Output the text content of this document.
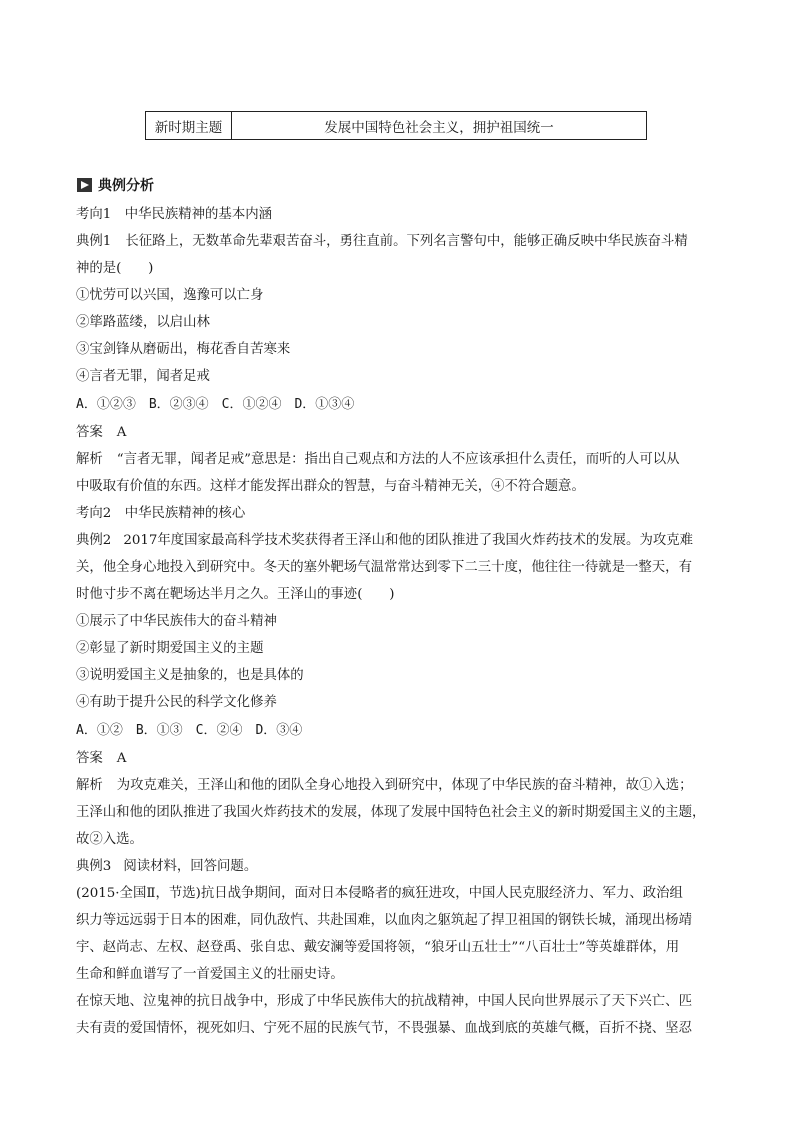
新时期主题	发展中国特色社会主义，拥护祖国统一
典例分析
考向1　中华民族精神的基本内涵
典例1 长征路上，无数革命先辈艰苦奋斗，勇往直前。下列名言警句中，能够正确反映中华民族奋斗精
神的是(　　)
①忧劳可以兴国，逸豫可以亡身
②筚路蓝缕，以启山林
③宝剑锋从磨砺出，梅花香自苦寒来
④言者无罪，闻者足戒
A．①②③　B．②③④　C．①②④　D．①③④
答案 A
解析 “言者无罪，闻者足戒”意思是：指出自己观点和方法的人不应该承担什么责任，而听的人可以从
中吸取有价值的东西。这样才能发挥出群众的智慧，与奋斗精神无关，④不符合题意。
考向2　中华民族精神的核心
典例2 2017年度国家最高科学技术奖获得者王泽山和他的团队推进了我国火炸药技术的发展。为攻克难
关，他全身心地投入到研究中。冬天的塞外靶场气温常常达到零下二三十度，他往往一待就是一整天，有
时他寸步不离在靶场达半月之久。王泽山的事迹(　　)
①展示了中华民族伟大的奋斗精神
②彰显了新时期爱国主义的主题
③说明爱国主义是抽象的，也是具体的
④有助于提升公民的科学文化修养
A．①②　B．①③　C．②④　D．③④
答案 A
解析 为攻克难关，王泽山和他的团队全身心地投入到研究中，体现了中华民族的奋斗精神，故①入选；
王泽山和他的团队推进了我国火炸药技术的发展，体现了发展中国特色社会主义的新时期爱国主义的主题，
故②入选。
典例3 阅读材料，回答问题。
(2015·全国Ⅱ，节选)抗日战争期间，面对日本侵略者的疯狂进攻，中国人民克服经济力、军力、政治组
织力等远远弱于日本的困难，同仇敌忾、共赴国难，以血肉之躯筑起了捍卫祖国的钢铁长城，涌现出杨靖
宇、赵尚志、左权、赵登禹、张自忠、戴安澜等爱国将领，“狼牙山五壮士”“八百壮士”等英雄群体，用
生命和鲜血谱写了一首爱国主义的壮丽史诗。
在惊天地、泣鬼神的抗日战争中，形成了中华民族伟大的抗战精神，中国人民向世界展示了天下兴亡、匹
夫有责的爱国情怀，视死如归、宁死不屈的民族气节，不畏强暴、血战到底的英雄气概，百折不挠、坚忍
